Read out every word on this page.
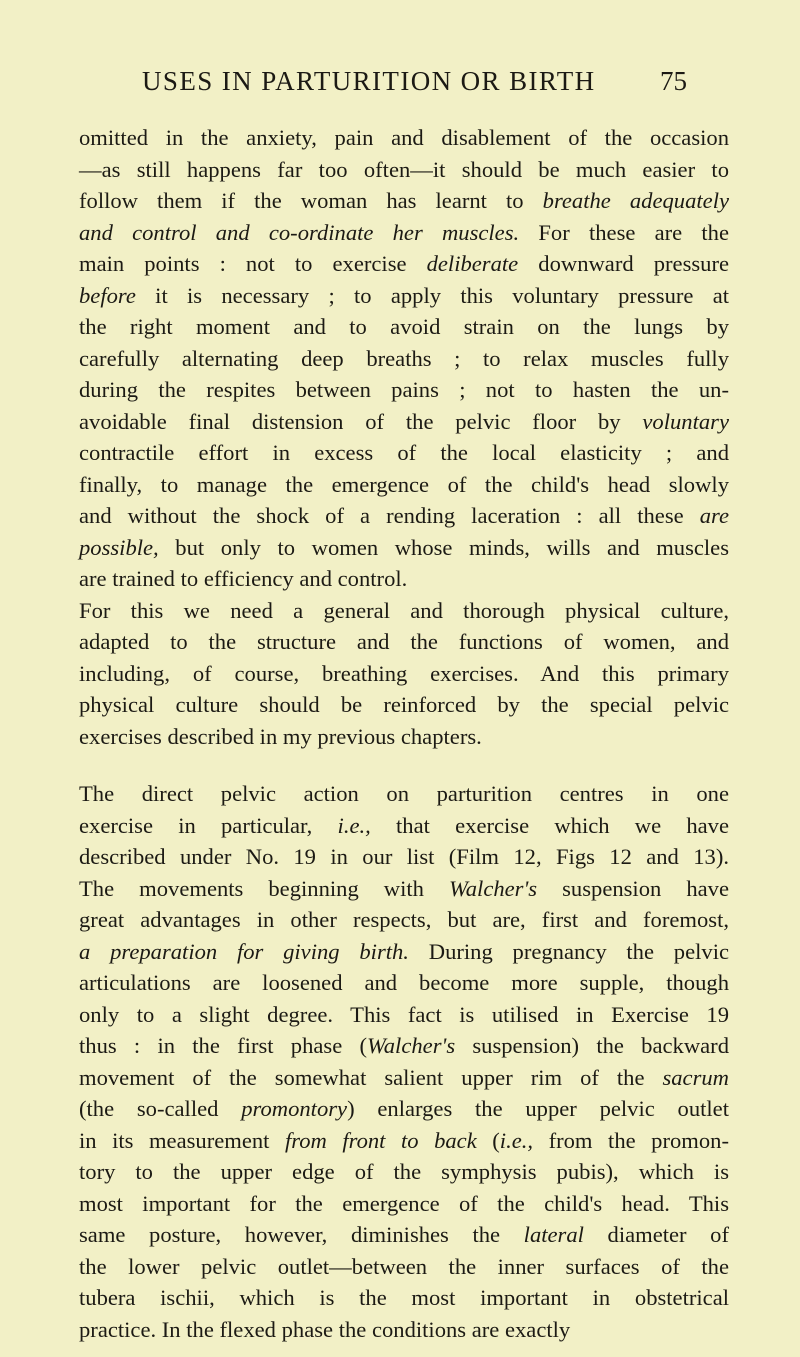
USES IN PARTURITION OR BIRTH 75
omitted in the anxiety, pain and disablement of the occasion
—as still happens far too often—it should be much easier to
follow them if the woman has learnt to breathe adequately
and control and co-ordinate her muscles. For these are the
main points : not to exercise deliberate downward pressure
before it is necessary ; to apply this voluntary pressure at
the right moment and to avoid strain on the lungs by
carefully alternating deep breaths ; to relax muscles fully
during the respites between pains ; not to hasten the un-
avoidable final distension of the pelvic floor by voluntary
contractile effort in excess of the local elasticity ; and
finally, to manage the emergence of the child's head slowly
and without the shock of a rending laceration : all these are
possible, but only to women whose minds, wills and muscles
are trained to efficiency and control.
For this we need a general and thorough physical culture,
adapted to the structure and the functions of women, and
including, of course, breathing exercises. And this primary
physical culture should be reinforced by the special pelvic
exercises described in my previous chapters.
The direct pelvic action on parturition centres in one
exercise in particular, i.e., that exercise which we have
described under No. 19 in our list (Film 12, Figs 12 and 13).
The movements beginning with Walcher's suspension have
great advantages in other respects, but are, first and foremost,
a preparation for giving birth. During pregnancy the pelvic
articulations are loosened and become more supple, though
only to a slight degree. This fact is utilised in Exercise 19
thus : in the first phase (Walcher's suspension) the backward
movement of the somewhat salient upper rim of the sacrum
(the so-called promontory) enlarges the upper pelvic outlet
in its measurement from front to back (i.e., from the promon-
tory to the upper edge of the symphysis pubis), which is
most important for the emergence of the child's head. This
same posture, however, diminishes the lateral diameter of
the lower pelvic outlet—between the inner surfaces of the
tubera ischii, which is the most important in obstetrical
practice. In the flexed phase the conditions are exactly
